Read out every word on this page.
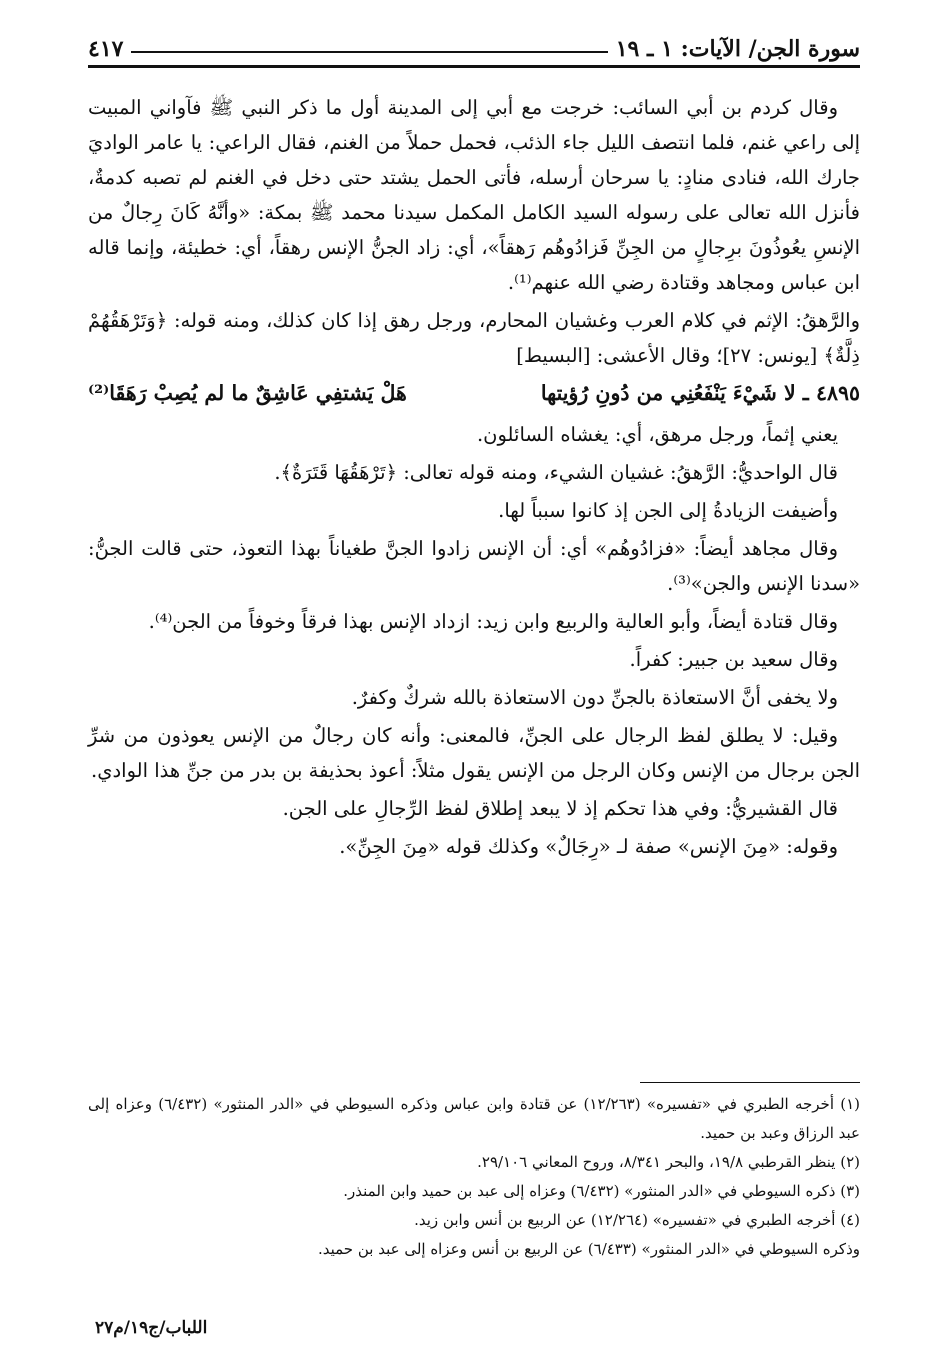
سورة الجن/ الآيات: ١ ـ ١٩
٤١٧

وقال كردم بن أبي السائب: خرجت مع أبي إلى المدينة أول ما ذكر النبي ﷺ فآواني المبيت إلى راعي غنم، فلما انتصف الليل جاء الذئب، فحمل حملاً من الغنم، فقال الراعي: يا عامر الواديَ جارك الله، فنادى منادٍ: يا سرحان أرسله، فأتى الحمل يشتد حتى دخل في الغنم لم تصبه كدمةٌ، فأنزل الله تعالى على رسوله السيد الكامل المكمل سيدنا محمد ﷺ بمكة: «وأنَّهُ كَانَ رِجالٌ من الإنسِ يعُوذُونَ برِجالٍ من الجِنِّ فَزادُوهُم رَهقاً»، أي: زاد الجنُّ الإنس رهقاً، أي: خطيئة، وإنما قاله ابن عباس ومجاهد وقتادة رضي الله عنهم⁽¹⁾.

والرَّهقُ: الإثم في كلام العرب وغشيان المحارم، ورجل رهق إذا كان كذلك، ومنه قوله: ﴿وَتَرْهَقُهُمْ ذِلَّةٌ﴾ [يونس: ٢٧]؛ وقال الأعشى: [البسيط]

٤٨٩٥ ـ لا شَيْءَ يَنْفَعُنِي من دُونِ رُؤيتها
هَلْ يَشتفِي عَاشِقٌ ما لم يُصِبْ رَهَقَا⁽²⁾

يعني إثماً، ورجل مرهق، أي: يغشاه السائلون.

قال الواحديُّ: الرَّهقُ: غشيان الشيء، ومنه قوله تعالى: ﴿تَرْهَقُهَا قَتَرَةٌ﴾.

وأضيفت الزيادةُ إلى الجن إذ كانوا سبباً لها.

وقال مجاهد أيضاً: «فزادُوهُم» أي: أن الإنس زادوا الجنَّ طغياناً بهذا التعوذ، حتى قالت الجنُّ: «سدنا الإنس والجن»⁽³⁾.

وقال قتادة أيضاً، وأبو العالية والربيع وابن زيد: ازداد الإنس بهذا فرقاً وخوفاً من الجن⁽⁴⁾.

وقال سعيد بن جبير: كفراً.

ولا يخفى أنَّ الاستعاذة بالجنِّ دون الاستعاذة بالله شركٌ وكفرٌ.

وقيل: لا يطلق لفظ الرجال على الجنِّ، فالمعنى: وأنه كان رجالٌ من الإنس يعوذون من شرِّ الجن برجال من الإنس وكان الرجل من الإنس يقول مثلاً: أعوذ بحذيفة بن بدر من جنِّ هذا الوادي.

قال القشيريُّ: وفي هذا تحكم إذ لا يبعد إطلاق لفظ الرِّجالِ على الجن.

وقوله: «مِنَ الإنس» صفة لـ «رِجَالٌ» وكذلك قوله «مِنَ الجِنِّ».

(١) أخرجه الطبري في «تفسيره» (١٢/٢٦٣) عن قتادة وابن عباس وذكره السيوطي في «الدر المنثور» (٦/٤٣٢) وعزاه إلى عبد الرزاق وعبد بن حميد.
(٢) ينظر القرطبي ١٩/٨، والبحر ٨/٣٤١، وروح المعاني ٢٩/١٠٦.
(٣) ذكره السيوطي في «الدر المنثور» (٦/٤٣٢) وعزاه إلى عبد بن حميد وابن المنذر.
(٤) أخرجه الطبري في «تفسيره» (١٢/٢٦٤) عن الربيع بن أنس وابن زيد.
وذكره السيوطي في «الدر المنثور» (٦/٤٣٣) عن الربيع بن أنس وعزاه إلى عبد بن حميد.
اللباب/ج١٩/م٢٧
